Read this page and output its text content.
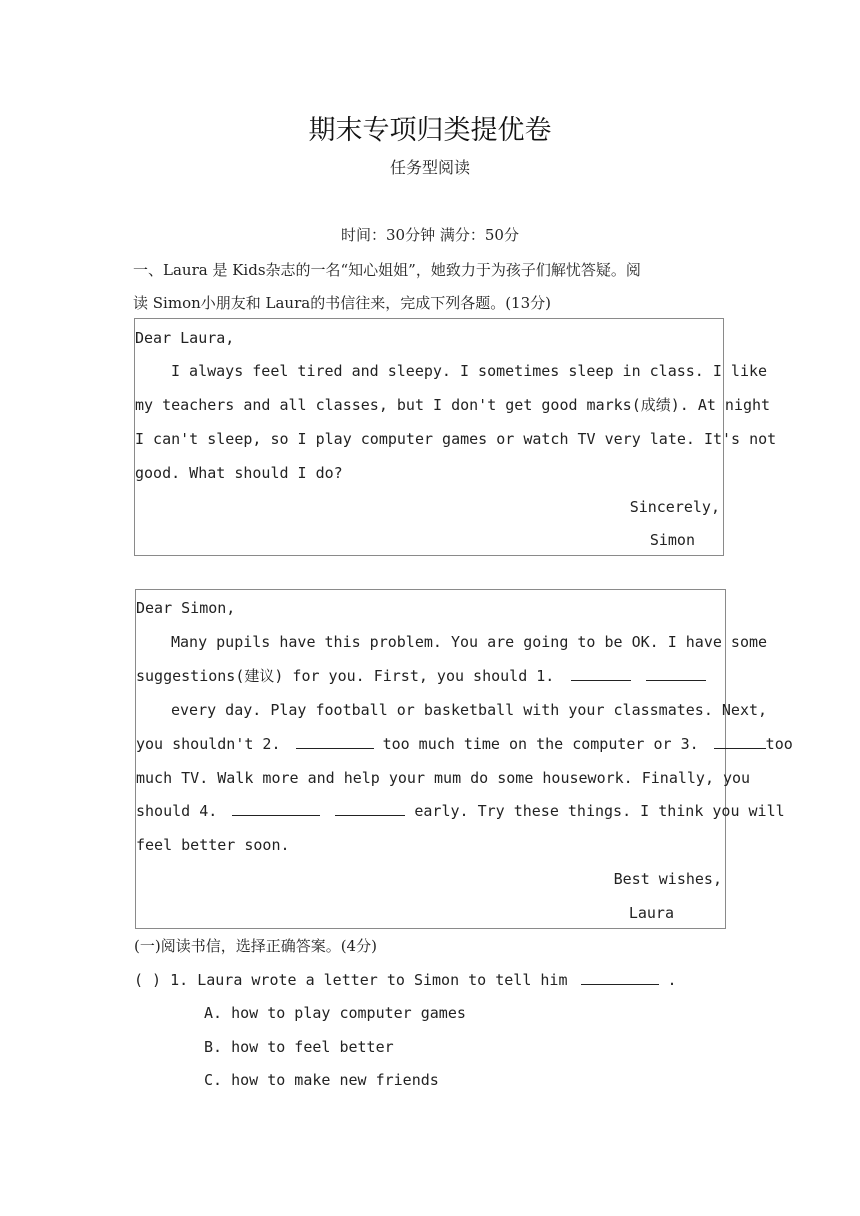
期末专项归类提优卷
任务型阅读
时间：30分钟 满分：50分
一、Laura 是 Kids杂志的一名“知心姐姐”，她致力于为孩子们解忧答疑。阅
读 Simon小朋友和 Laura的书信往来，完成下列各题。(13分)
Dear Laura,
I always feel tired and sleepy. I sometimes sleep in class. I like
my teachers and all classes, but I don't get good marks(成绩). At night
I can't sleep, so I play computer games or watch TV very late. It's not
good. What should I do?
Sincerely,
Simon
Dear Simon,
Many pupils have this problem. You are going to be OK. I have some
suggestions(建议) for you. First, you should 1.
every day. Play football or basketball with your classmates. Next,
you shouldn't 2.	too much time on the computer or 3.	too
much TV. Walk more and help your mum do some housework. Finally, you
should 4.	early. Try these things. I think you will
feel better soon.
Best wishes,
Laura
(一)阅读书信，选择正确答案。(4分)
( ) 1. Laura wrote a letter to Simon to tell him	.
A. how to play computer games
B. how to feel better
C. how to make new friends
